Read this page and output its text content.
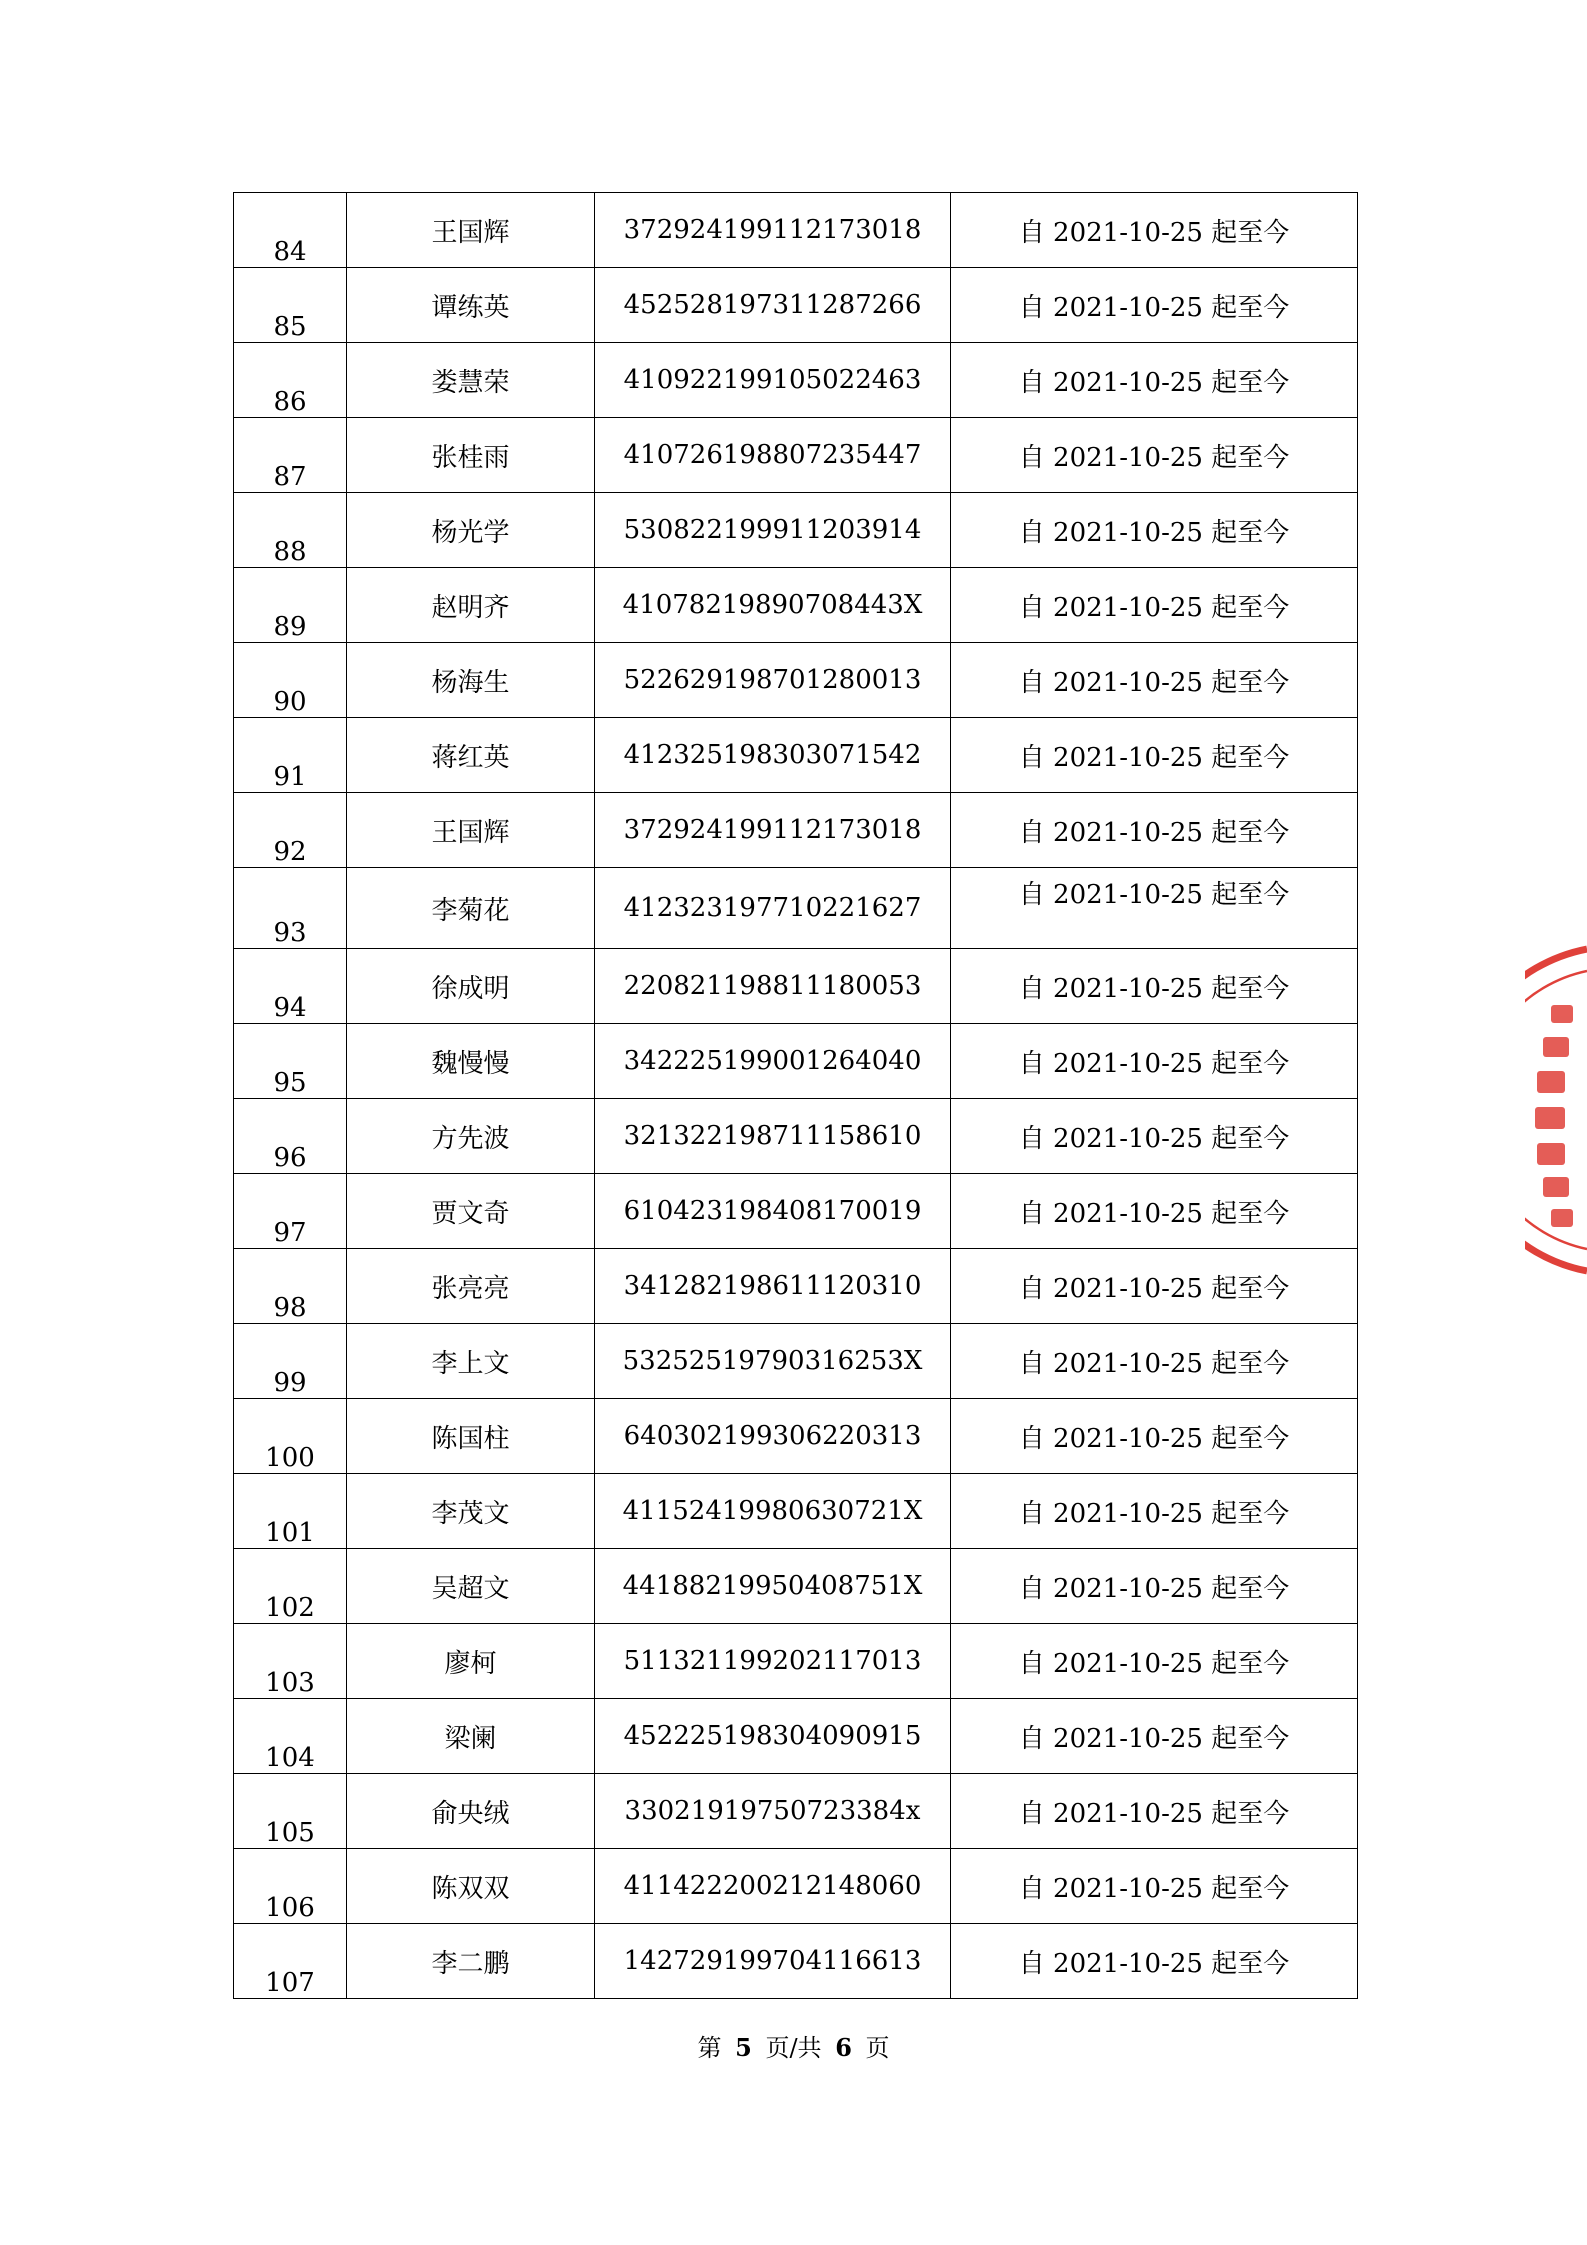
84	王国辉	372924199112173018	自 2021-10-25 起至今
85	谭练英	452528197311287266	自 2021-10-25 起至今
86	娄慧荣	410922199105022463	自 2021-10-25 起至今
87	张桂雨	410726198807235447	自 2021-10-25 起至今
88	杨光学	530822199911203914	自 2021-10-25 起至今
89	赵明齐	41078219890708443X	自 2021-10-25 起至今
90	杨海生	522629198701280013	自 2021-10-25 起至今
91	蒋红英	412325198303071542	自 2021-10-25 起至今
92	王国辉	372924199112173018	自 2021-10-25 起至今
93	李菊花	412323197710221627	自 2021-10-25 起至今
94	徐成明	220821198811180053	自 2021-10-25 起至今
95	魏慢慢	342225199001264040	自 2021-10-25 起至今
96	方先波	321322198711158610	自 2021-10-25 起至今
97	贾文奇	610423198408170019	自 2021-10-25 起至今
98	张亮亮	341282198611120310	自 2021-10-25 起至今
99	李上文	53252519790316253X	自 2021-10-25 起至今
100	陈国柱	640302199306220313	自 2021-10-25 起至今
101	李茂文	41152419980630721X	自 2021-10-25 起至今
102	吴超文	44188219950408751X	自 2021-10-25 起至今
103	廖柯	511321199202117013	自 2021-10-25 起至今
104	梁阑	452225198304090915	自 2021-10-25 起至今
105	俞央绒	33021919750723384x	自 2021-10-25 起至今
106	陈双双	411422200212148060	自 2021-10-25 起至今
107	李二鹏	142729199704116613	自 2021-10-25 起至今
第 5 页/共 6 页
